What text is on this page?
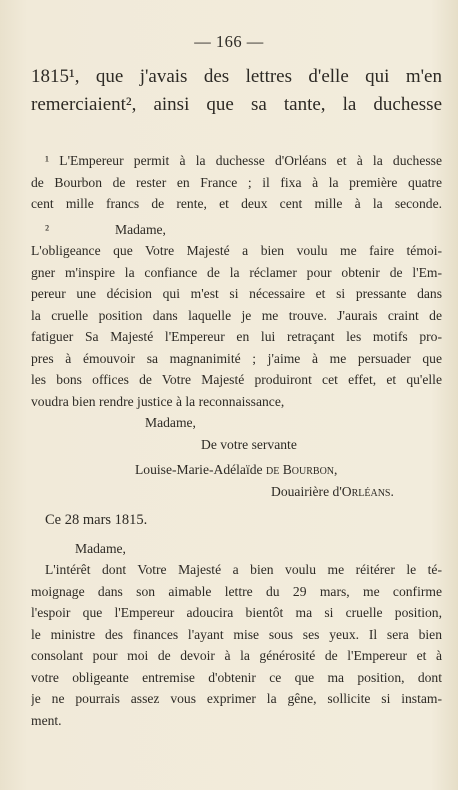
— 166 —
1815¹, que j'avais des lettres d'elle qui m'en
remerciaient², ainsi que sa tante, la duchesse
¹ L'Empereur permit à la duchesse d'Orléans et à la duchesse
de Bourbon de rester en France ; il fixa à la première quatre
cent mille francs de rente, et deux cent mille à la seconde.
²	Madame,
L'obligeance que Votre Majesté a bien voulu me faire témoi-
gner m'inspire la confiance de la réclamer pour obtenir de l'Em-
pereur une décision qui m'est si nécessaire et si pressante dans
la cruelle position dans laquelle je me trouve. J'aurais craint de
fatiguer Sa Majesté l'Empereur en lui retraçant les motifs pro-
pres à émouvoir sa magnanimité ; j'aime à me persuader que
les bons offices de Votre Majesté produiront cet effet, et qu'elle
voudra bien rendre justice à la reconnaissance,
Madame,
De votre servante
Louise-Marie-Adélaïde de Bourbon,
Douairière d'Orléans.
Ce 28 mars 1815.
Madame,
L'intérêt dont Votre Majesté a bien voulu me réitérer le té-
moignage dans son aimable lettre du 29 mars, me confirme
l'espoir que l'Empereur adoucira bientôt ma si cruelle position,
le ministre des finances l'ayant mise sous ses yeux. Il sera bien
consolant pour moi de devoir à la générosité de l'Empereur et à
votre obligeante entremise d'obtenir ce que ma position, dont
je ne pourrais assez vous exprimer la gêne, sollicite si instam-
ment.
